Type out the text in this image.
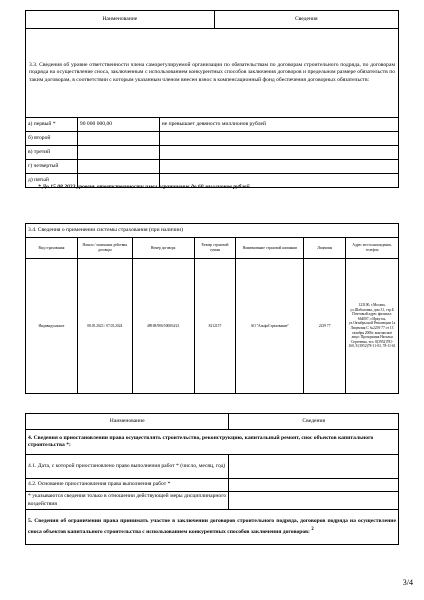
Наименование			Сведения
3.3. Сведения об уровне ответственности члена саморегулируемой организации по обязательствам по договорам строительного подряда, по договорам подряда на осуществление сноса, заключенным с использованием конкурентных способов заключения договоров и предельном размере обязательств по таким договорам, в соответствии с которым указанным членом внесен взнос в компенсационный фонд обеспечения договорных обязательств:			
а) первый *	90 000 000,00	не превышает девяносто миллионов рублей	
б) второй			
в) третий			
г) четвертый			
д) пятый			
* До 15.08.2023 уровень ответственности имел ограничение до 60 миллионов рублей.
3.4. Сведения о применении системы страхования (при наличии)						
Вид страхования	Начало / окончание действия договора	Номер договора	Размер страховой суммы	Наименование страховой компании	Лицензия	Адрес места нахождения, телефон
Индивидуальное	08.05.2023 / 07.05.2024	4891R/906/500004/23	8212157	АО "АльфаСтрахование"	2239 77	123100, г.Москва, ул.Шаболовка, дом 31, стр.Б Почтовый адрес филиала: 664007, г.Иркутск, ул.Октябрьской Революции 1а Лицензия С №2239 77 от 13 октября 2006г. контактное лицо: Прохоркина Наталья Сергеевна, тел. 8(3952)781-160, 8 (3952)78-11-03, 78-11-61
Наименование	Сведения
4. Сведения о приостановлении права осуществлять строительство, реконструкцию, капитальный ремонт, снос объектов капитального строительства *:	
4.1. Дата, с которой приостановлено право выполнения работ * (число, месяц, год)	
4.2. Основание приостановления права выполнения работ *	
* указываются сведения только в отношении действующей меры дисциплинарного воздействия	
5. Сведения об ограничении права принимать участие в заключении договоров строительного подряда, договоров подряда на осуществление сноса объектов капитального строительства с использованием конкурентных способов заключения договоров: $^2$
3/4
